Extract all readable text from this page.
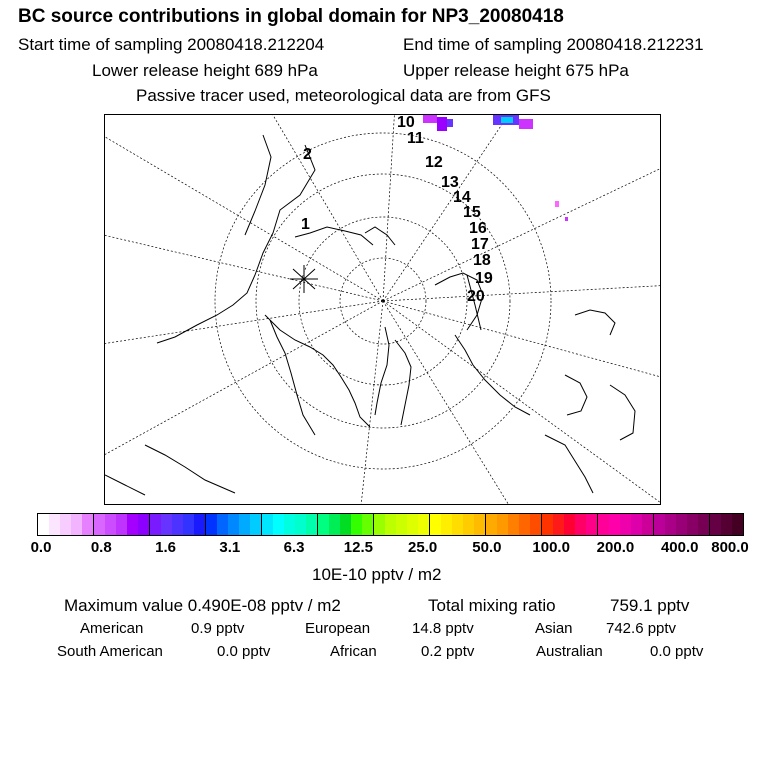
BC source contributions in global domain for NP3_20080418
Start time of sampling 20080418.212204	End time of sampling 20080418.212231
Lower release height 689 hPa	Upper release height 675 hPa
Passive tracer used, meteorological data are from GFS
1
2
10
11
12
13
14
15
16
17
18
19
20
0.0	0.8	1.6	3.1	6.3	12.5 25.0 50.0 100.0 200.0 400.0 800.0
10E-10 pptv / m2
Maximum value 0.490E-08 pptv / m2	Total mixing ratio	759.1 pptv
American	0.9 pptv	European	14.8 pptv	Asian 742.6 pptv
South American	0.0 pptv	African	0.2 pptv	Australian	0.0 pptv
